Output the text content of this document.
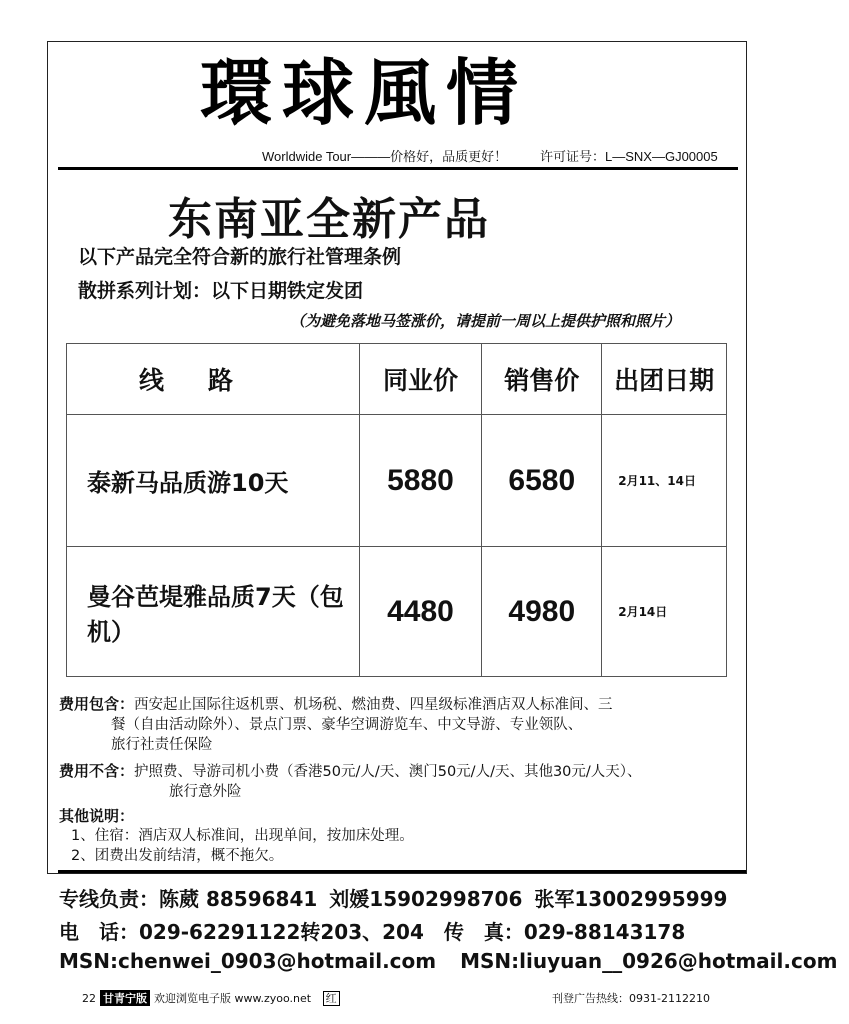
環球風情
Worldwide Tour———价格好，品质更好！	许可证号：L—SNX—GJ00005
东南亚全新产品
以下产品完全符合新的旅行社管理条例
散拼系列计划：以下日期铁定发团
（为避免落地马签涨价，请提前一周以上提供护照和照片）
线路	同业价	销售价	出团日期
泰新马品质游10天	5880	6580	2月11、14日
曼谷芭堤雅品质7天（包机）	4480	4980	2月14日
费用包含：西安起止国际往返机票、机场税、燃油费、四星级标准酒店双人标准间、三
餐（自由活动除外）、景点门票、豪华空调游览车、中文导游、专业领队、
旅行社责任保险
费用不含：护照费、导游司机小费（香港50元/人/天、澳门50元/人/天、其他30元/人天）、
旅行意外险
其他说明：
1、住宿：酒店双人标准间，出现单间，按加床处理。
2、团费出发前结清，概不拖欠。
专线负责：陈葳 88596841 刘媛15902998706 张军13002995999
电　话：029-62291122转203、204 传　真：029-88143178
MSN:chenwei_0903@hotmail.com MSN:liuyuan__0926@hotmail.com
22 甘青宁版 欢迎浏览电子版 www.zyoo.net 红	刊登广告热线：0931-2112210
